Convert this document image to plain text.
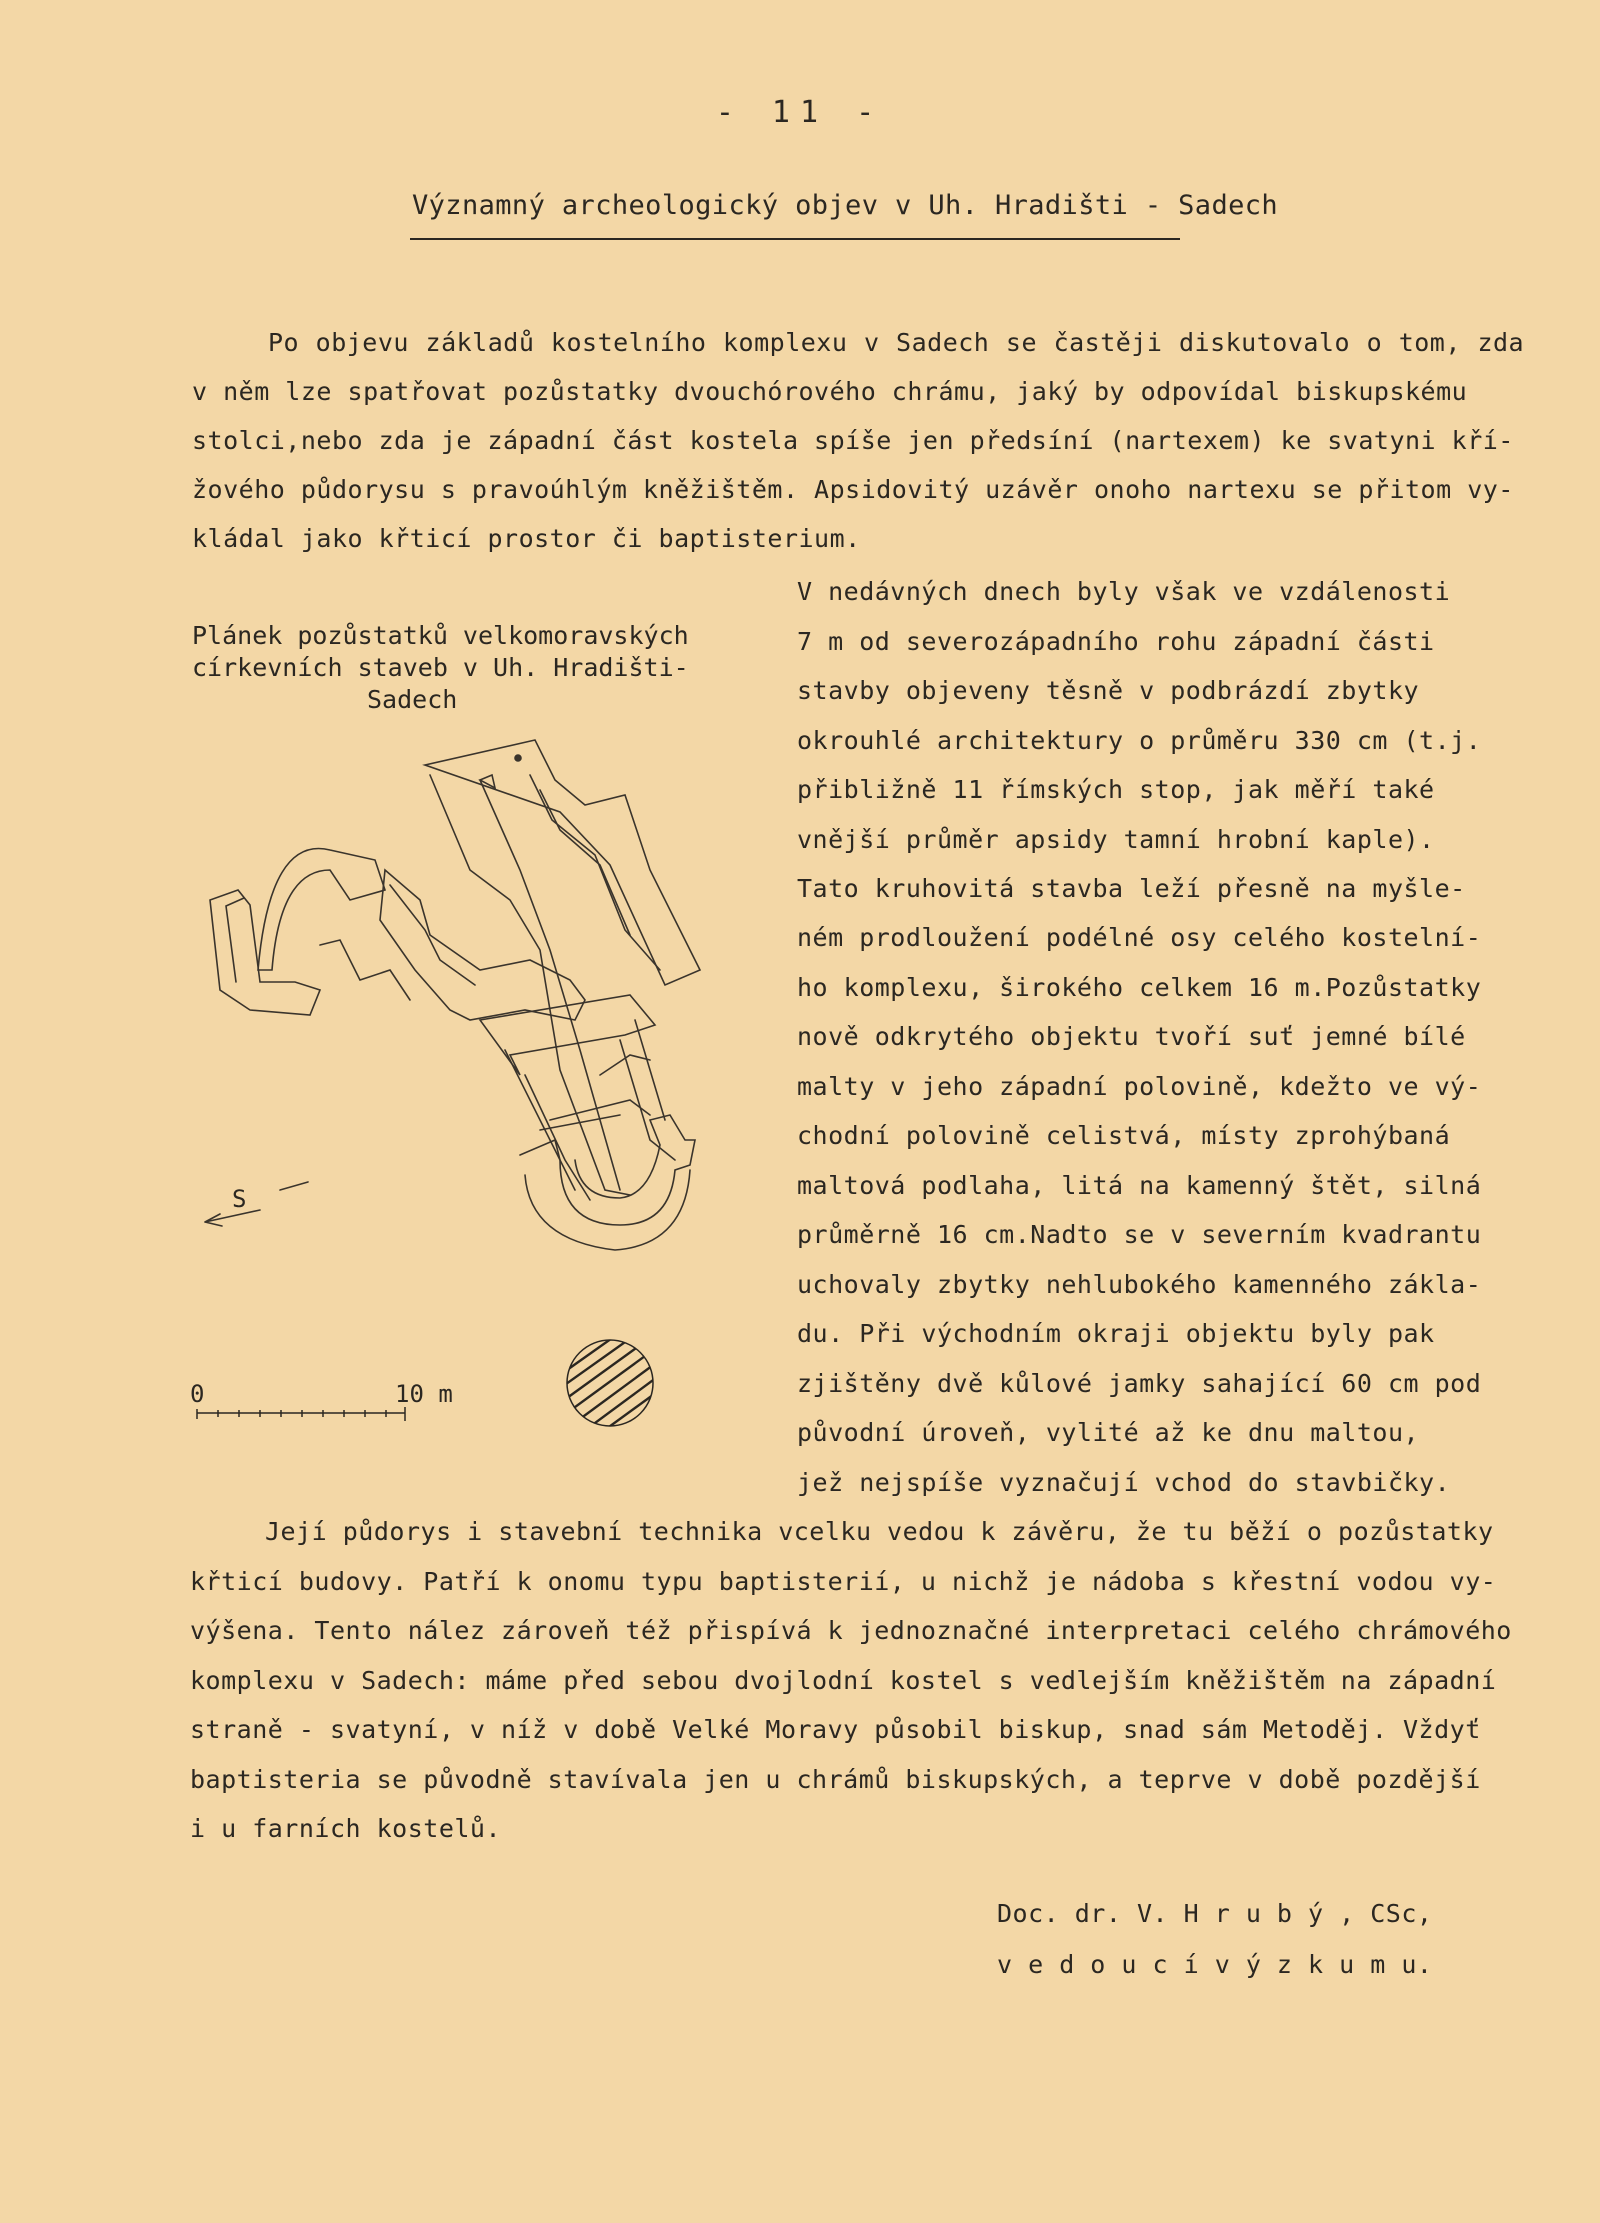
- 11 -
Významný archeologický objev v Uh. Hradišti - Sadech
Po objevu základů kostelního komplexu v Sadech se častěji diskutovalo o tom, zda
v něm lze spatřovat pozůstatky dvouchórového chrámu, jaký by odpovídal biskupskému
stolci,nebo zda je západní část kostela spíše jen předsíní (nartexem) ke svatyni kří-
žového půdorysu s pravoúhlým kněžištěm. Apsidovitý uzávěr onoho nartexu se přitom vy-
kládal jako křticí prostor či baptisterium.
Plánek pozůstatků velkomoravských
církevních staveb v Uh. Hradišti-
Sadech
S
0	10 m
V nedávných dnech byly však ve vzdálenosti
7 m od severozápadního rohu západní části
stavby objeveny těsně v podbrázdí zbytky
okrouhlé architektury o průměru 330 cm (t.j.
přibližně 11 římských stop, jak měří také
vnější průměr apsidy tamní hrobní kaple).
Tato kruhovitá stavba leží přesně na myšle-
ném prodloužení podélné osy celého kostelní-
ho komplexu, širokého celkem 16 m.Pozůstatky
nově odkrytého objektu tvoří suť jemné bílé
malty v jeho západní polovině, kdežto ve vý-
chodní polovině celistvá, místy zprohýbaná
maltová podlaha, litá na kamenný štět, silná
průměrně 16 cm.Nadto se v severním kvadrantu
uchovaly zbytky nehlubokého kamenného zákla-
du. Při východním okraji objektu byly pak
zjištěny dvě kůlové jamky sahající 60 cm pod
původní úroveň, vylité až ke dnu maltou,
jež nejspíše vyznačují vchod do stavbičky.
Její půdorys i stavební technika vcelku vedou k závěru, že tu běží o pozůstatky
křticí budovy. Patří k onomu typu baptisterií, u nichž je nádoba s křestní vodou vy-
výšena. Tento nález zároveň též přispívá k jednoznačné interpretaci celého chrámového
komplexu v Sadech: máme před sebou dvojlodní kostel s vedlejším kněžištěm na západní
straně - svatyní, v níž v době Velké Moravy působil biskup, snad sám Metoděj. Vždyť
baptisteria se původně stavívala jen u chrámů biskupských, a teprve v době pozdější
i u farních kostelů.
Doc. dr. V. H r u b ý , CSc,
v e d o u c í v ý z k u m u.
